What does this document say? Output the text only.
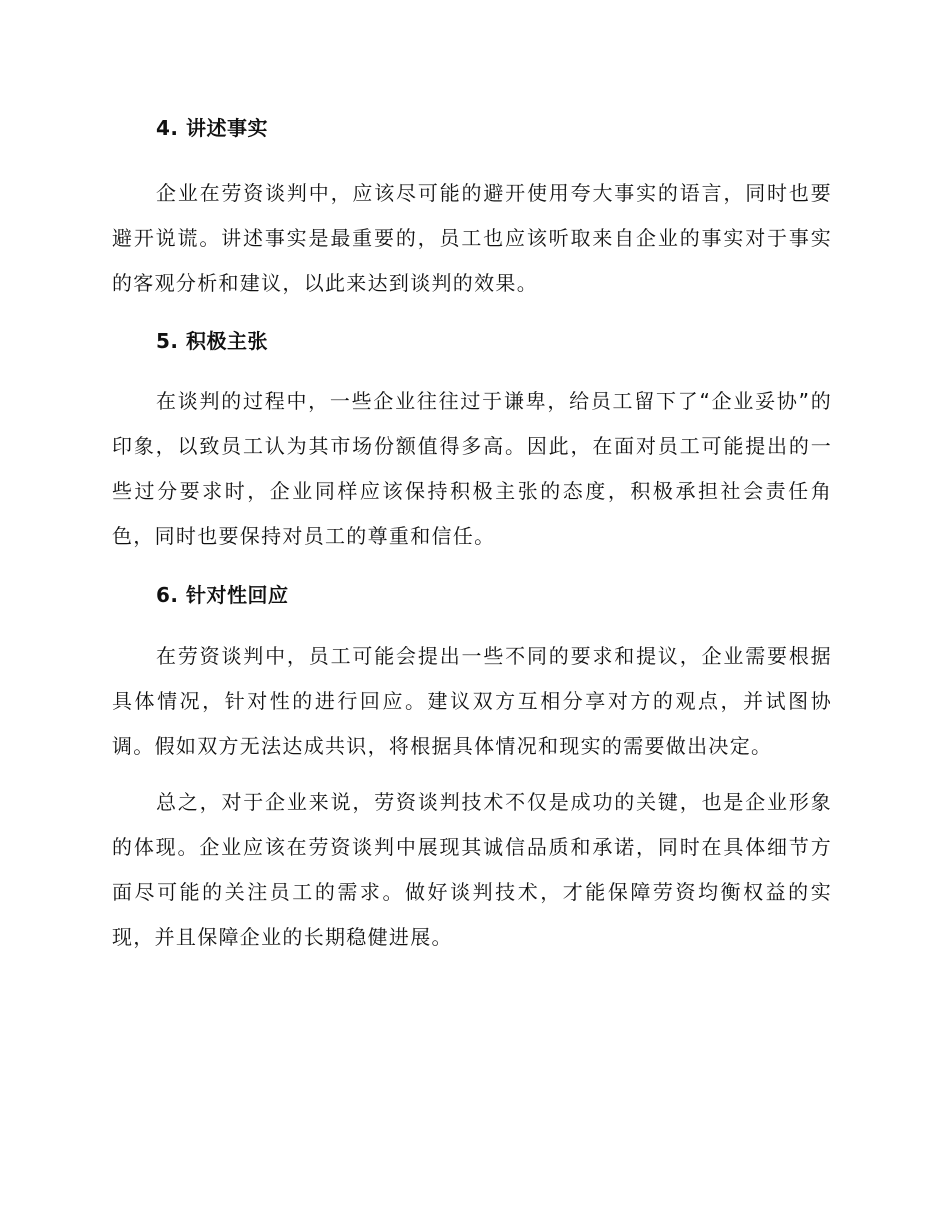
4. 讲述事实

企业在劳资谈判中，应该尽可能的避开使用夸大事实的语言，同时也要避开说谎。讲述事实是最重要的，员工也应该听取来自企业的事实对于事实的客观分析和建议，以此来达到谈判的效果。

5. 积极主张

在谈判的过程中，一些企业往往过于谦卑，给员工留下了“企业妥协”的印象，以致员工认为其市场份额值得多高。因此，在面对员工可能提出的一些过分要求时，企业同样应该保持积极主张的态度，积极承担社会责任角色，同时也要保持对员工的尊重和信任。

6. 针对性回应

在劳资谈判中，员工可能会提出一些不同的要求和提议，企业需要根据具体情况，针对性的进行回应。建议双方互相分享对方的观点，并试图协调。假如双方无法达成共识，将根据具体情况和现实的需要做出决定。

总之，对于企业来说，劳资谈判技术不仅是成功的关键，也是企业形象的体现。企业应该在劳资谈判中展现其诚信品质和承诺，同时在具体细节方面尽可能的关注员工的需求。做好谈判技术，才能保障劳资均衡权益的实现，并且保障企业的长期稳健进展。
